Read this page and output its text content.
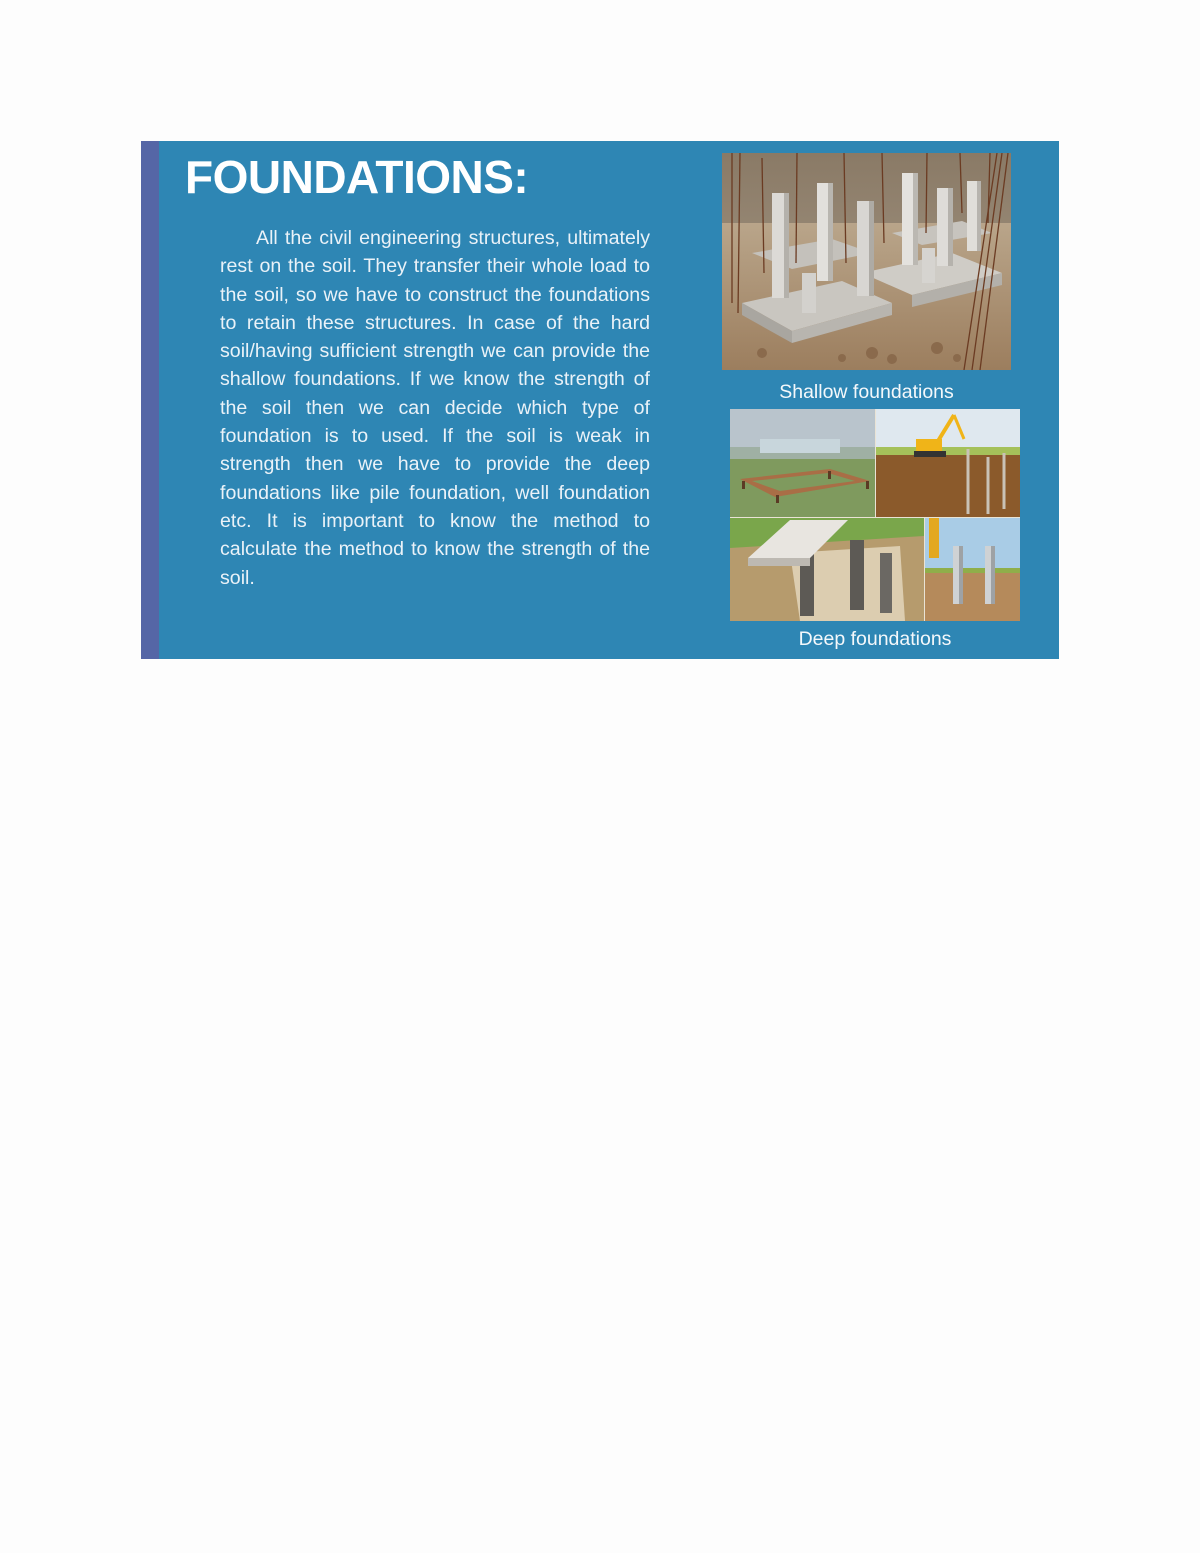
FOUNDATIONS:

All the civil engineering structures, ultimately rest on the soil. They transfer their whole load to the soil, so we have to construct the foundations to retain these structures. In case of the hard soil/having sufficient strength we can provide the shallow foundations. If we know the strength of the soil then we can decide which type of foundation is to used. If the soil is weak in strength then we have to provide the deep foundations like pile foundation, well foundation etc. It is important to know the method to calculate the method to know the strength of the soil.

Shallow foundations

Deep foundations
